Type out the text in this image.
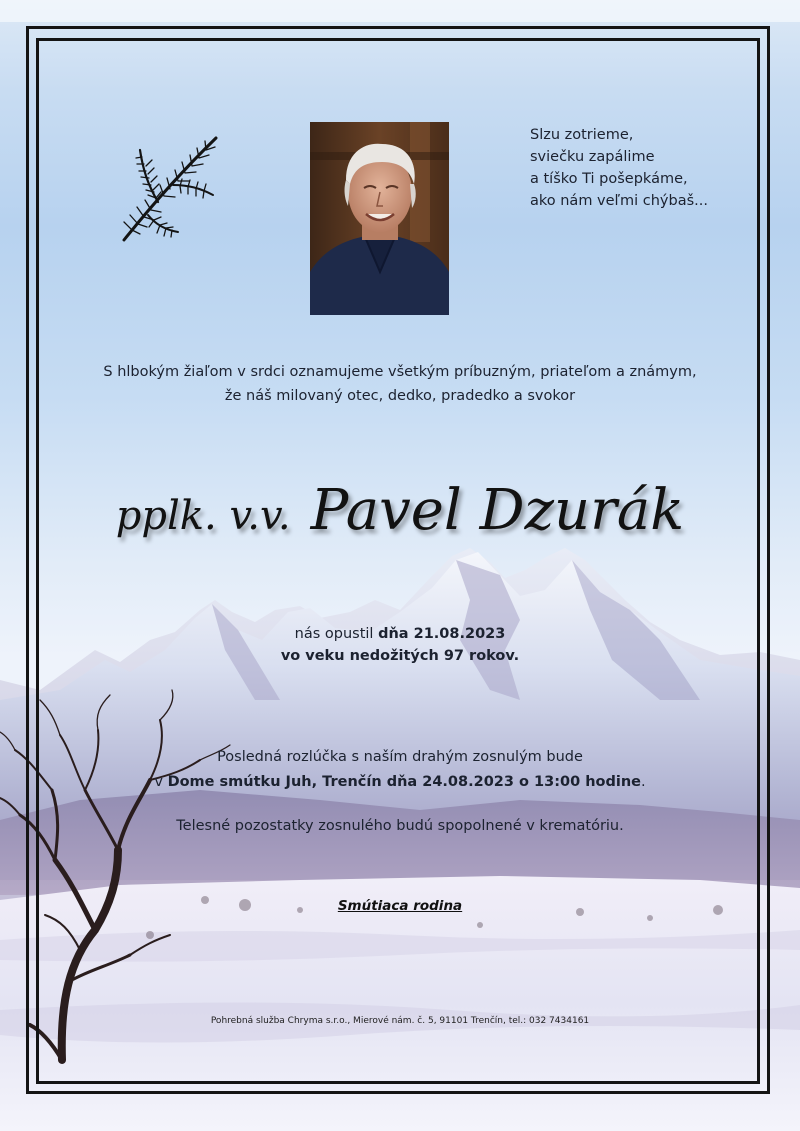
Slzu zotrieme,
sviečku zapálime
a tíško Ti pošepkáme,
ako nám veľmi chýbaš...
S hlbokým žiaľom v srdci oznamujeme všetkým príbuzným, priateľom a známym,
že náš milovaný otec, dedko, pradedko a svokor
pplk. v.v. Pavel Dzurák
nás opustil dňa 21.08.2023
vo veku nedožitých 97 rokov.
Posledná rozlúčka s naším drahým zosnulým bude
v Dome smútku Juh, Trenčín dňa 24.08.2023 o 13:00 hodine.
Telesné pozostatky zosnulého budú spopolnené v krematóriu.
Smútiaca rodina
Pohrebná služba Chryma s.r.o., Mierové nám. č. 5, 91101 Trenčín, tel.: 032 7434161
